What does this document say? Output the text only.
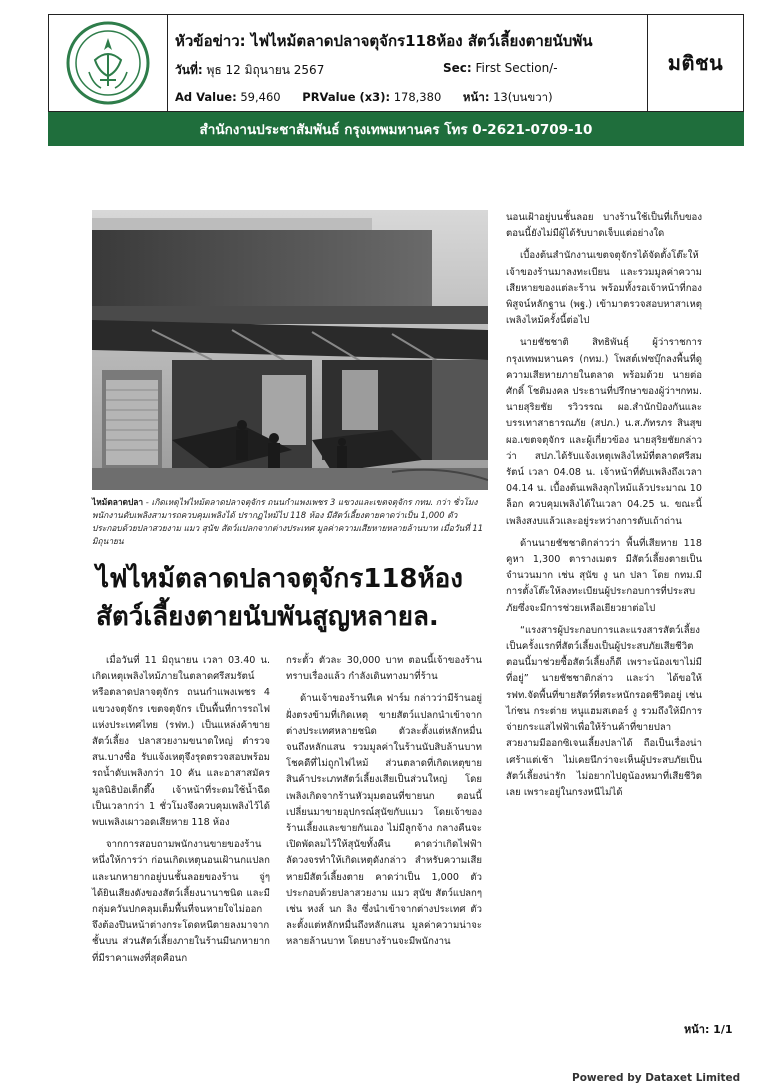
หัวข้อข่าว: ไฟไหม้ตลาดปลาจตุจักร118ห้อง สัตว์เลี้ยงตายนับพัน
วันที่: พุธ 12 มิถุนายน 2567	Sec: First Section/-
Ad Value: 59,460 PRValue (x3): 178,380 หน้า: 13(บนขวา)
มติชน
สำนักงานประชาสัมพันธ์ กรุงเทพมหานคร โทร 0-2621-0709-10
ไหม้ตลาดปลา - เกิดเหตุไฟไหม้ตลาดปลาจตุจักร ถนนกำแพงเพชร 3 แขวงและเขตจตุจักร กทม. กว่า ชั่วโมงพนักงานดับเพลิงสามารถควบคุมเพลิงได้ ปรากฏไหม้ไป 118 ห้อง มีสัตว์เลี้ยงตายคาดว่าเป็น 1,000 ตัว ประกอบด้วยปลาสวยงาม แมว สุนัข สัตว์แปลกจากต่างประเทศ มูลค่าความเสียหายหลายล้านบาท เมื่อวันที่ 11 มิถุนายน
ไฟไหม้ตลาดปลาจตุจักร118ห้อง
สัตว์เลี้ยงตายนับพันสูญหลายล.

เมื่อวันที่ 11 มิถุนายน เวลา 03.40 น. เกิดเหตุเพลิงไหม้ภายในตลาดศรีสมรัตน์ หรือตลาดปลาจตุจักร ถนนกำแพงเพชร 4 แขวงจตุจักร เขตจตุจักร เป็นพื้นที่การรถไฟแห่งประเทศไทย (รฟท.) เป็นแหล่งค้าขายสัตว์เลี้ยง ปลาสวยงามขนาดใหญ่ ตำรวจ สน.บางซื่อ รับแจ้งเหตุจึงรุดตรวจสอบพร้อมรถน้ำดับเพลิงกว่า 10 คัน และอาสาสมัครมูลนิธิป่อเต็กตึ๊ง เจ้าหน้าที่ระดมใช้น้ำฉีดเป็นเวลากว่า 1 ชั่วโมงจึงควบคุมเพลิงไว้ได้ พบเพลิงเผาวอดเสียหาย 118 ห้อง

จากการสอบถามพนักงานขายของร้านหนึ่งให้การว่า ก่อนเกิดเหตุนอนเฝ้านกแปลกและนกหายากอยู่บนชั้นลอยของร้าน จู่ๆ ได้ยินเสียงดังของสัตว์เลี้ยงนานาชนิด และมีกลุ่มควันปกคลุมเต็มพื้นที่จนหายใจไม่ออก จึงต้องปีนหน้าต่างกระโดดหนีตายลงมาจากชั้นบน ส่วนสัตว์เลี้ยงภายในร้านมีนกหายากที่มีราคาแพงที่สุดคือนก

กระตั้ว ตัวละ 30,000 บาท ตอนนี้เจ้าของร้านทราบเรื่องแล้ว กำลังเดินทางมาที่ร้าน

ด้านเจ้าของร้านทีเค ฟาร์ม กล่าวว่ามีร้านอยู่ฝั่งตรงข้ามที่เกิดเหตุ ขายสัตว์แปลกนำเข้าจากต่างประเทศหลายชนิด ตัวละตั้งแต่หลักหมื่นจนถึงหลักแสน รวมมูลค่าในร้านนับสิบล้านบาท โชคดีที่ไม่ถูกไฟไหม้ ส่วนตลาดที่เกิดเหตุขายสินค้าประเภทสัตว์เลี้ยงเสียเป็นส่วนใหญ่ โดยเพลิงเกิดจากร้านหัวมุมตอนที่ขายนก ตอนนี้เปลี่ยนมาขายอุปกรณ์สุนัขกับแมว โดยเจ้าของร้านเลี้ยงและขายกันเอง ไม่มีลูกจ้าง กลางคืนจะเปิดพัดลมไว้ให้สุนัขทั้งคืน คาดว่าเกิดไฟฟ้าลัดวงจรทำให้เกิดเหตุดังกล่าว สำหรับความเสียหายมีสัตว์เลี้ยงตาย คาดว่าเป็น 1,000 ตัว ประกอบด้วยปลาสวยงาม แมว สุนัข สัตว์แปลกๆ เช่น หงส์ นก ลิง ซึ่งนำเข้าจากต่างประเทศ ตัวละตั้งแต่หลักหมื่นถึงหลักแสน มูลค่าความน่าจะหลายล้านบาท โดยบางร้านจะมีพนักงาน

นอนเฝ้าอยู่บนชั้นลอย บางร้านใช้เป็นที่เก็บของ ตอนนี้ยังไม่มีผู้ได้รับบาดเจ็บแต่อย่างใด

เบื้องต้นสำนักงานเขตจตุจักรได้จัดตั้งโต๊ะให้เจ้าของร้านมาลงทะเบียน และรวมมูลค่าความเสียหายของแต่ละร้าน พร้อมทั้งรอเจ้าหน้าที่กองพิสูจน์หลักฐาน (พฐ.) เข้ามาตรวจสอบหาสาเหตุเพลิงไหม้ครั้งนี้ต่อไป

นายชัชชาติ สิทธิพันธุ์ ผู้ว่าราชการกรุงเทพมหานคร (กทม.) โพสต์เฟซบุ๊กลงพื้นที่ดูความเสียหายภายในตลาด พร้อมด้วย นายต่อศักดิ์ โชติมงคล ประธานที่ปรึกษาของผู้ว่าฯกทม. นายสุริยชัย รวิวรรณ ผอ.สำนักป้องกันและบรรเทาสาธารณภัย (สปภ.) น.ส.ภัทรภร สินสุข ผอ.เขตจตุจักร และผู้เกี่ยวข้อง นายสุริยชัยกล่าวว่า สปภ.ได้รับแจ้งเหตุเพลิงไหม้ที่ตลาดศรีสมรัตน์ เวลา 04.08 น. เจ้าหน้าที่ดับเพลิงถึงเวลา 04.14 น. เบื้องต้นเพลิงลุกไหม้แล้วประมาณ 10 ล็อก ควบคุมเพลิงได้ในเวลา 04.25 น. ขณะนี้เพลิงสงบแล้วและอยู่ระหว่างการดับเถ้าถ่าน

ด้านนายชัชชาติกล่าวว่า พื้นที่เสียหาย 118 คูหา 1,300 ตารางเมตร มีสัตว์เลี้ยงตายเป็นจำนวนมาก เช่น สุนัข งู นก ปลา โดย กทม.มีการตั้งโต๊ะให้ลงทะเบียนผู้ประกอบการที่ประสบภัยซึ่งจะมีการช่วยเหลือเยียวยาต่อไป

“แรงสารผู้ประกอบการและแรงสารสัตว์เลี้ยง เป็นครั้งแรกที่สัตว์เลี้ยงเป็นผู้ประสบภัยเสียชีวิต ตอนนี้มาช่วยซื้อสัตว์เลี้ยงก็ดี เพราะน้องเขาไม่มีที่อยู่” นายชัชชาติกล่าว และว่า ได้ขอให้ รฟท.จัดพื้นที่ขายสัตว์ที่ตระหนักรอดชีวิตอยู่ เช่น ไก่ชน กระต่าย หนูแฮมสเตอร์ งู รวมถึงให้มีการจ่ายกระแสไฟฟ้าเพื่อให้ร้านค้าที่ขายปลาสวยงามมีออกซิเจนเลี้ยงปลาได้ ถือเป็นเรื่องน่าเศร้าแต่เช้า ไม่เคยนึกว่าจะเห็นผู้ประสบภัยเป็นสัตว์เลี้ยงน่ารัก ไม่อยากไปดูน้องหมาที่เสียชีวิตเลย เพราะอยู่ในกรงหนีไม่ได้

หน้า: 1/1
Powered by Dataxet Limited
